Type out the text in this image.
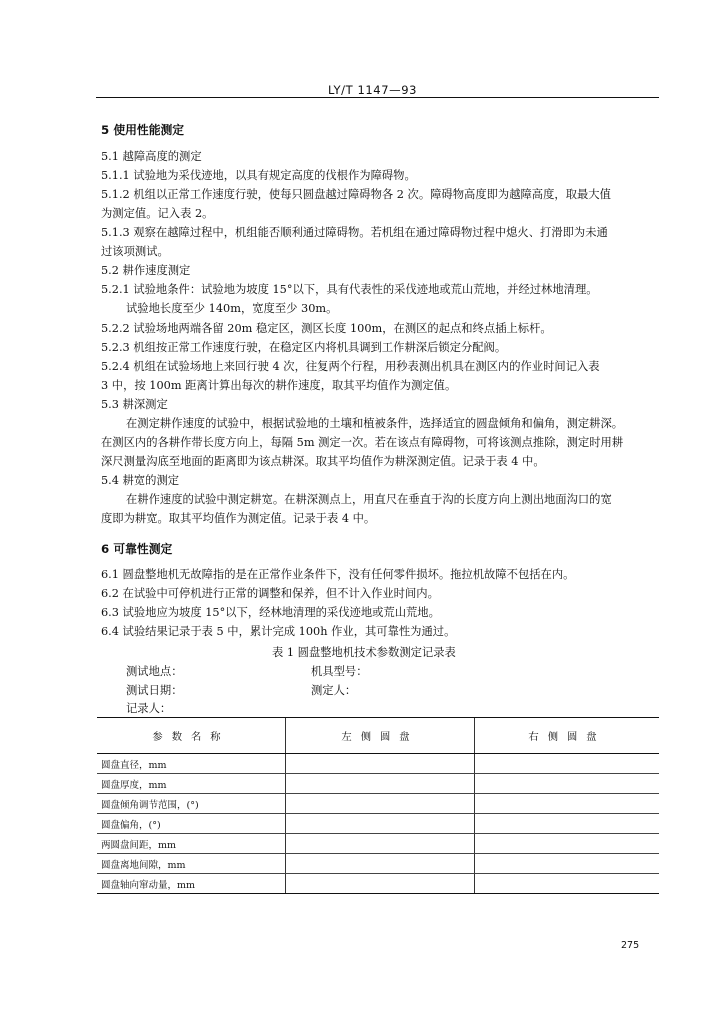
LY/T 1147—93
5 使用性能测定
5.1 越障高度的测定
5.1.1 试验地为采伐迹地，以具有规定高度的伐根作为障碍物。
5.1.2 机组以正常工作速度行驶，使每只圆盘越过障碍物各 2 次。障碍物高度即为越障高度，取最大值
为测定值。记入表 2。
5.1.3 观察在越障过程中，机组能否顺利通过障碍物。若机组在通过障碍物过程中熄火、打滑即为未通
过该项测试。
5.2 耕作速度测定
5.2.1 试验地条件：试验地为坡度 15°以下，具有代表性的采伐迹地或荒山荒地，并经过林地清理。
试验地长度至少 140m，宽度至少 30m。
5.2.2 试验场地两端各留 20m 稳定区，测区长度 100m，在测区的起点和终点插上标杆。
5.2.3 机组按正常工作速度行驶，在稳定区内将机具调到工作耕深后锁定分配阀。
5.2.4 机组在试验场地上来回行驶 4 次，往复两个行程，用秒表测出机具在测区内的作业时间记入表
3 中，按 100m 距离计算出每次的耕作速度，取其平均值作为测定值。
5.3 耕深测定
在测定耕作速度的试验中，根据试验地的土壤和植被条件，选择适宜的圆盘倾角和偏角，测定耕深。
在测区内的各耕作带长度方向上，每隔 5m 测定一次。若在该点有障碍物，可将该测点推除，测定时用耕
深尺测量沟底至地面的距离即为该点耕深。取其平均值作为耕深测定值。记录于表 4 中。
5.4 耕宽的测定
在耕作速度的试验中测定耕宽。在耕深测点上，用直尺在垂直于沟的长度方向上测出地面沟口的宽
度即为耕宽。取其平均值作为测定值。记录于表 4 中。
6 可靠性测定
6.1 圆盘整地机无故障指的是在正常作业条件下，没有任何零件损坏。拖拉机故障不包括在内。
6.2 在试验中可停机进行正常的调整和保养，但不计入作业时间内。
6.3 试验地应为坡度 15°以下，经林地清理的采伐迹地或荒山荒地。
6.4 试验结果记录于表 5 中，累计完成 100h 作业，其可靠性为通过。
表 1 圆盘整地机技术参数测定记录表
测试地点：	机具型号：
测试日期：	测定人：
记录人：
参数名称	左侧圆盘	右侧圆盘
圆盘直径，mm		
圆盘厚度，mm		
圆盘倾角调节范围，(°)		
圆盘偏角，(°)		
两圆盘间距，mm		
圆盘离地间隙，mm		
圆盘轴向窜动量，mm		
275
